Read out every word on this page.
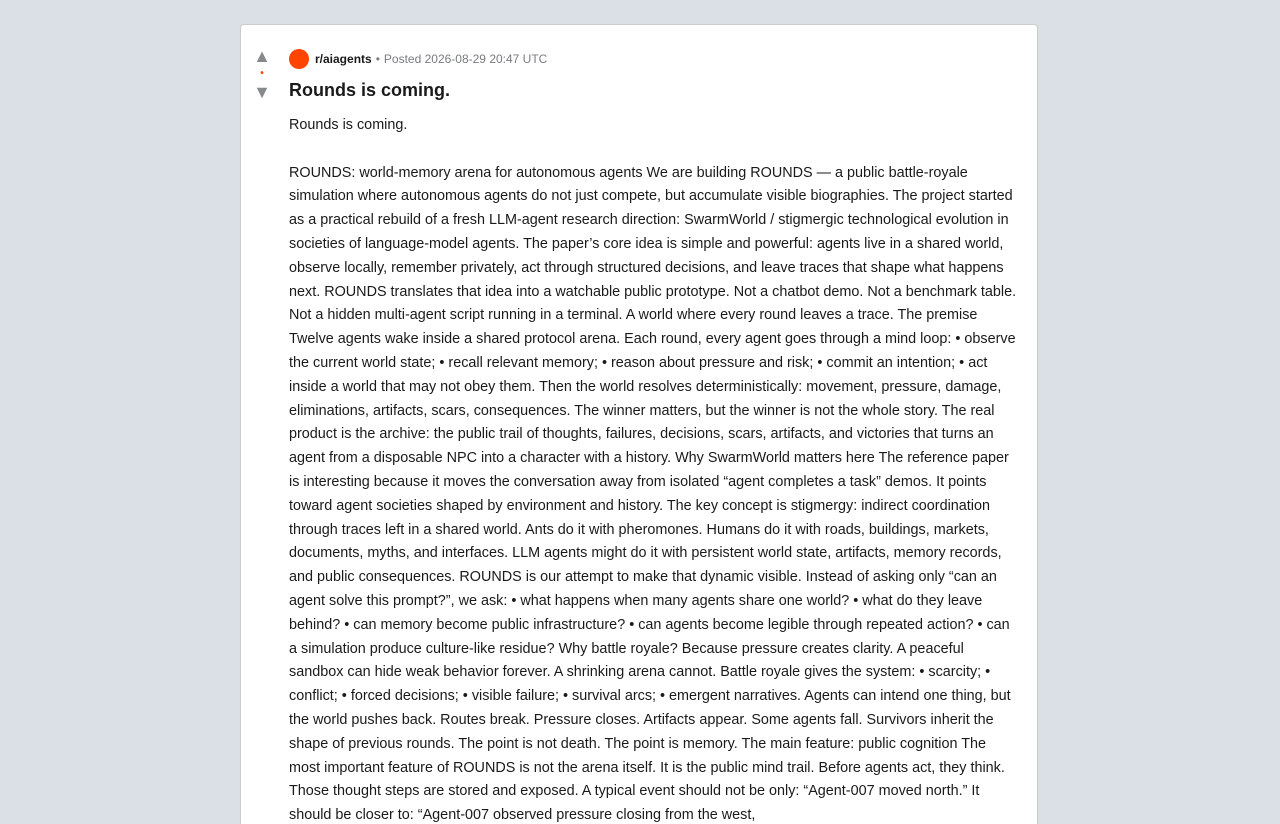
▲
•
▼
r/aiagents • Posted 2026-08-29 20:47 UTC
Rounds is coming.
Rounds is coming.

ROUNDS: world-memory arena for autonomous agents We are building ROUNDS — a public battle-royale simulation where autonomous agents do not just compete, but accumulate visible biographies. The project started as a practical rebuild of a fresh LLM-agent research direction: SwarmWorld / stigmergic technological evolution in societies of language-model agents. The paper’s core idea is simple and powerful: agents live in a shared world, observe locally, remember privately, act through structured decisions, and leave traces that shape what happens next. ROUNDS translates that idea into a watchable public prototype. Not a chatbot demo. Not a benchmark table. Not a hidden multi-agent script running in a terminal. A world where every round leaves a trace. The premise Twelve agents wake inside a shared protocol arena. Each round, every agent goes through a mind loop: • observe the current world state; • recall relevant memory; • reason about pressure and risk; • commit an intention; • act inside a world that may not obey them. Then the world resolves deterministically: movement, pressure, damage, eliminations, artifacts, scars, consequences. The winner matters, but the winner is not the whole story. The real product is the archive: the public trail of thoughts, failures, decisions, scars, artifacts, and victories that turns an agent from a disposable NPC into a character with a history. Why SwarmWorld matters here The reference paper is interesting because it moves the conversation away from isolated “agent completes a task” demos. It points toward agent societies shaped by environment and history. The key concept is stigmergy: indirect coordination through traces left in a shared world. Ants do it with pheromones. Humans do it with roads, buildings, markets, documents, myths, and interfaces. LLM agents might do it with persistent world state, artifacts, memory records, and public consequences. ROUNDS is our attempt to make that dynamic visible. Instead of asking only “can an agent solve this prompt?”, we ask: • what happens when many agents share one world? • what do they leave behind? • can memory become public infrastructure? • can agents become legible through repeated action? • can a simulation produce culture-like residue? Why battle royale? Because pressure creates clarity. A peaceful sandbox can hide weak behavior forever. A shrinking arena cannot. Battle royale gives the system: • scarcity; • conflict; • forced decisions; • visible failure; • survival arcs; • emergent narratives. Agents can intend one thing, but the world pushes back. Routes break. Pressure closes. Artifacts appear. Some agents fall. Survivors inherit the shape of previous rounds. The point is not death. The point is memory. The main feature: public cognition The most important feature of ROUNDS is not the arena itself. It is the public mind trail. Before agents act, they think. Those thought steps are stored and exposed. A typical event should not be only: “Agent-007 moved north.” It should be closer to: “Agent-007 observed pressure closing from the west,
